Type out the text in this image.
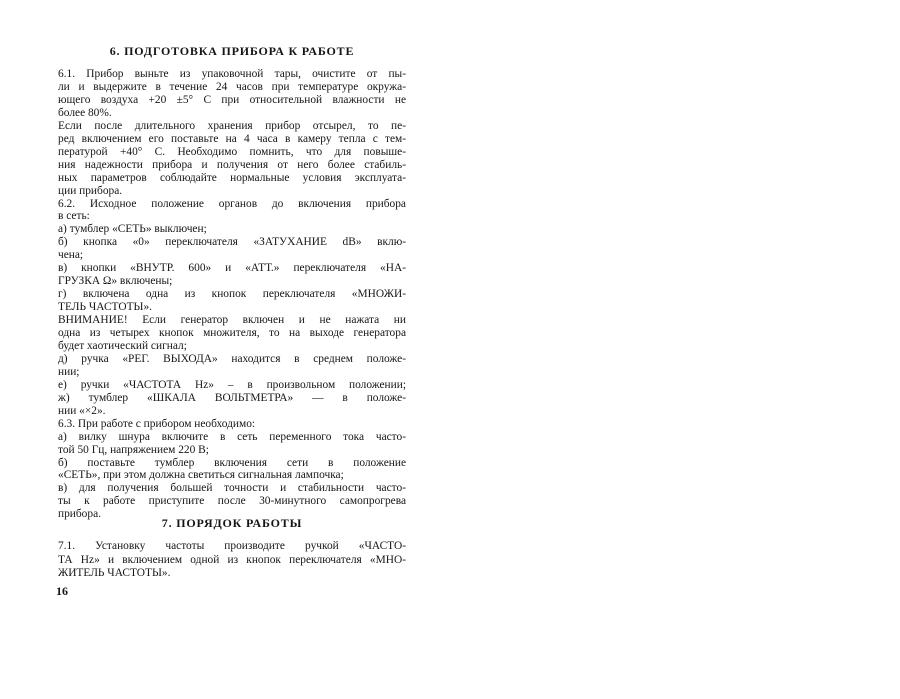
6. ПОДГОТОВКА ПРИБОРА К РАБОТЕ
6.1. Прибор выньте из упаковочной тары, очистите от пы-
ли и выдержите в течение 24 часов при температуре окружа-
ющего воздуха +20 ±5° С при относительной влажности не
более 80%.
Если после длительного хранения прибор отсырел, то пе-
ред включением его поставьте на 4 часа в камеру тепла с тем-
пературой +40° С. Необходимо помнить, что для повыше-
ния надежности прибора и получения от него более стабиль-
ных параметров соблюдайте нормальные условия эксплуата-
ции прибора.
6.2. Исходное положение органов до включения прибора
в сеть:
а) тумблер «СЕТЬ» выключен;
б) кнопка «0» переключателя «ЗАТУХАНИЕ dB» вклю-
чена;
в) кнопки «ВНУТР. 600» и «АТТ.» переключателя «НА-
ГРУЗКА Ω» включены;
г) включена одна из кнопок переключателя «МНОЖИ-
ТЕЛЬ ЧАСТОТЫ».
ВНИМАНИЕ! Если генератор включен и не нажата ни
одна из четырех кнопок множителя, то на выходе генератора
будет хаотический сигнал;
д) ручка «РЕГ. ВЫХОДА» находится в среднем положе-
нии;
е) ручки «ЧАСТОТА Hz» – в произвольном положении;
ж) тумблер «ШКАЛА ВОЛЬТМЕТРА» — в положе-
нии «×2».
6.3. При работе с прибором необходимо:
а) вилку шнура включите в сеть переменного тока часто-
той 50 Гц, напряжением 220 В;
б) поставьте тумблер включения сети в положение
«СЕТЬ», при этом должна светиться сигнальная лампочка;
в) для получения большей точности и стабильности часто-
ты к работе приступите после 30-минутного самопрогрева
прибора.
7. ПОРЯДОК РАБОТЫ
7.1. Установку частоты производите ручкой «ЧАСТО-
ТА Hz» и включением одной из кнопок переключателя «МНО-
ЖИТЕЛЬ ЧАСТОТЫ».
16
